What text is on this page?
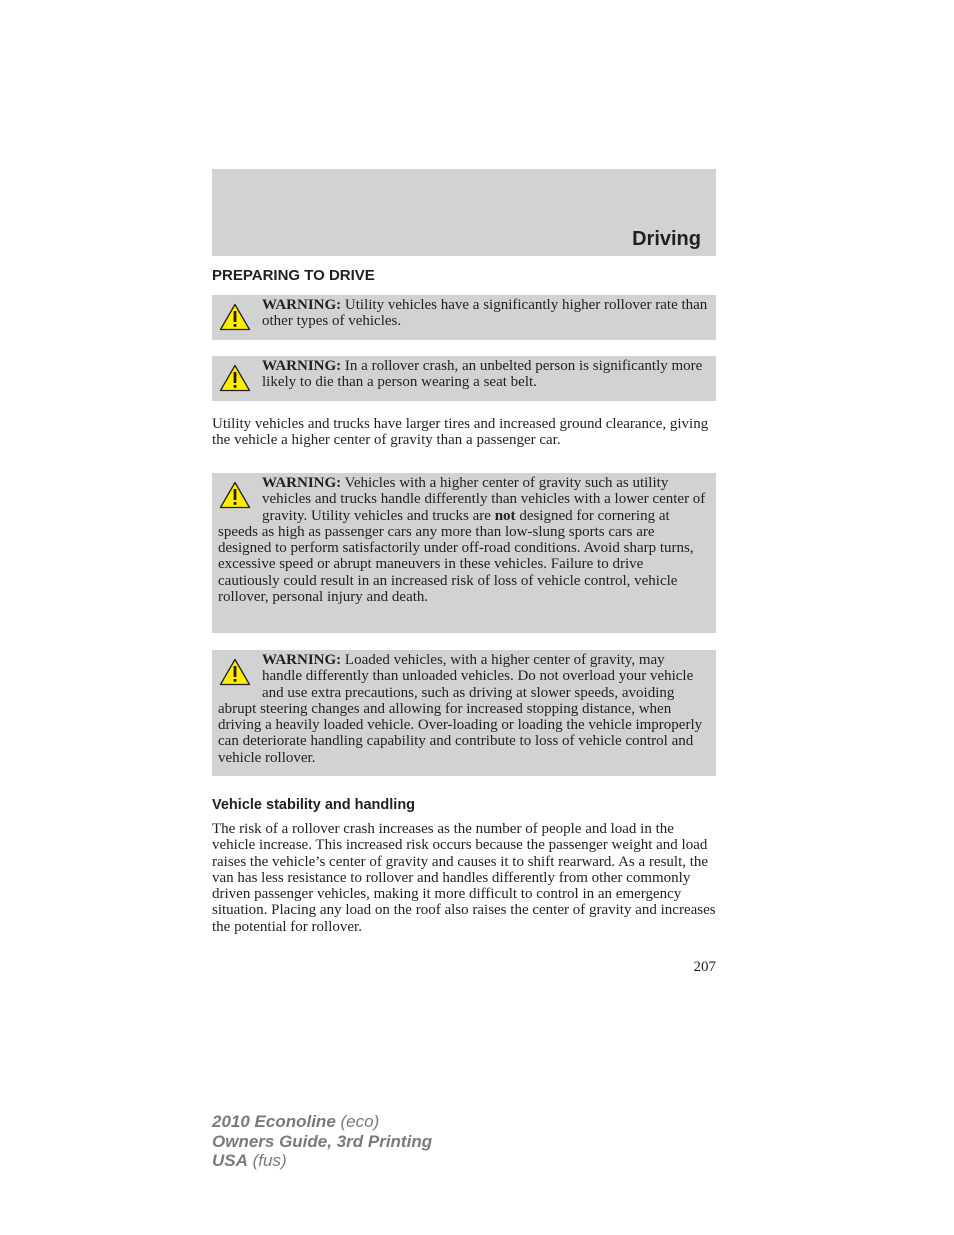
Driving
PREPARING TO DRIVE
WARNING: Utility vehicles have a significantly higher rollover rate than other types of vehicles.
WARNING: In a rollover crash, an unbelted person is significantly more likely to die than a person wearing a seat belt.
Utility vehicles and trucks have larger tires and increased ground clearance, giving the vehicle a higher center of gravity than a passenger car.
WARNING: Vehicles with a higher center of gravity such as utility vehicles and trucks handle differently than vehicles with a lower center of gravity. Utility vehicles and trucks are not designed for cornering at speeds as high as passenger cars any more than low-slung sports cars are designed to perform satisfactorily under off-road conditions. Avoid sharp turns, excessive speed or abrupt maneuvers in these vehicles. Failure to drive cautiously could result in an increased risk of loss of vehicle control, vehicle rollover, personal injury and death.
WARNING: Loaded vehicles, with a higher center of gravity, may handle differently than unloaded vehicles. Do not overload your vehicle and use extra precautions, such as driving at slower speeds, avoiding abrupt steering changes and allowing for increased stopping distance, when driving a heavily loaded vehicle. Over-loading or loading the vehicle improperly can deteriorate handling capability and contribute to loss of vehicle control and vehicle rollover.
Vehicle stability and handling
The risk of a rollover crash increases as the number of people and load in the vehicle increase. This increased risk occurs because the passenger weight and load raises the vehicle’s center of gravity and causes it to shift rearward. As a result, the van has less resistance to rollover and handles differently from other commonly driven passenger vehicles, making it more difficult to control in an emergency situation. Placing any load on the roof also raises the center of gravity and increases the potential for rollover.
207
2010 Econoline (eco)
Owners Guide, 3rd Printing
USA (fus)
